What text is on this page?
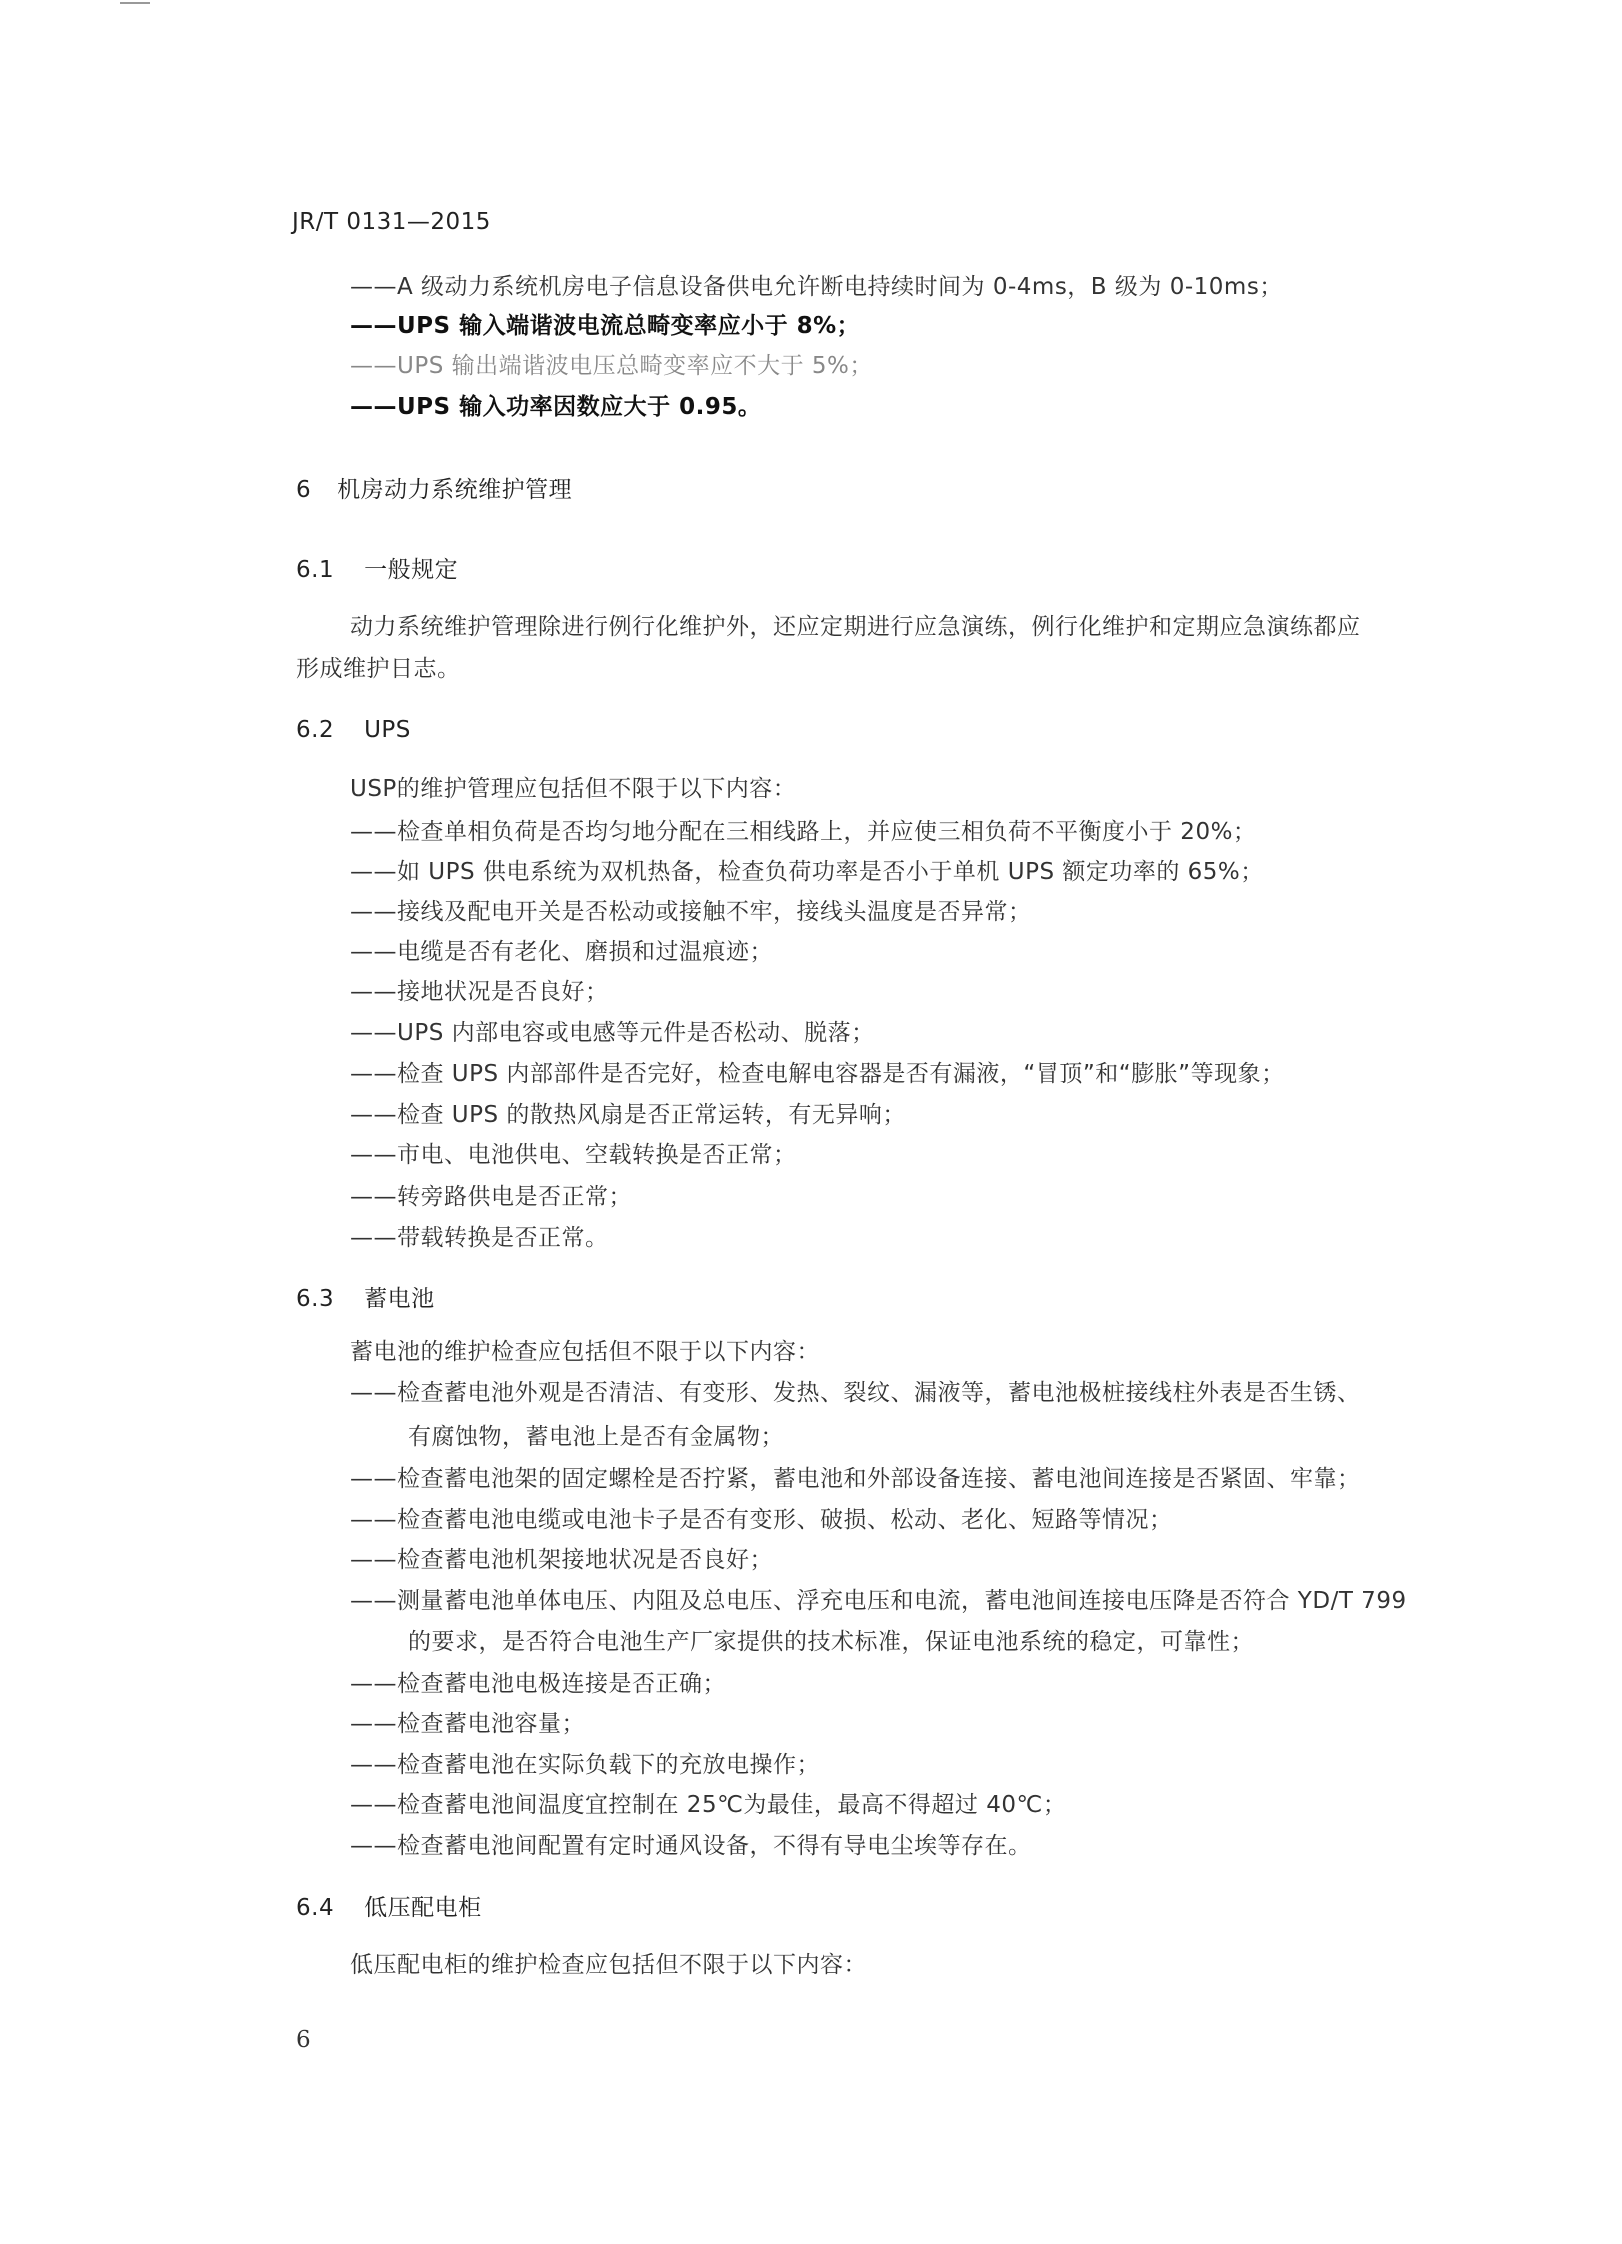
JR/T 0131—2015
——A 级动力系统机房电子信息设备供电允许断电持续时间为 0-4ms，B 级为 0-10ms；
——UPS 输入端谐波电流总畸变率应小于 8%；
——UPS 输出端谐波电压总畸变率应不大于 5%；
——UPS 输入功率因数应大于 0.95。
6 机房动力系统维护管理
6.1 一般规定
动力系统维护管理除进行例行化维护外，还应定期进行应急演练，例行化维护和定期应急演练都应
形成维护日志。
6.2 UPS
USP的维护管理应包括但不限于以下内容：
——检查单相负荷是否均匀地分配在三相线路上，并应使三相负荷不平衡度小于 20%；
——如 UPS 供电系统为双机热备，检查负荷功率是否小于单机 UPS 额定功率的 65%；
——接线及配电开关是否松动或接触不牢，接线头温度是否异常；
——电缆是否有老化、磨损和过温痕迹；
——接地状况是否良好；
——UPS 内部电容或电感等元件是否松动、脱落；
——检查 UPS 内部部件是否完好，检查电解电容器是否有漏液，“冒顶”和“膨胀”等现象；
——检查 UPS 的散热风扇是否正常运转，有无异响；
——市电、电池供电、空载转换是否正常；
——转旁路供电是否正常；
——带载转换是否正常。
6.3 蓄电池
蓄电池的维护检查应包括但不限于以下内容：
——检查蓄电池外观是否清洁、有变形、发热、裂纹、漏液等，蓄电池极桩接线柱外表是否生锈、
有腐蚀物，蓄电池上是否有金属物；
——检查蓄电池架的固定螺栓是否拧紧，蓄电池和外部设备连接、蓄电池间连接是否紧固、牢靠；
——检查蓄电池电缆或电池卡子是否有变形、破损、松动、老化、短路等情况；
——检查蓄电池机架接地状况是否良好；
——测量蓄电池单体电压、内阻及总电压、浮充电压和电流，蓄电池间连接电压降是否符合 YD/T 799
的要求，是否符合电池生产厂家提供的技术标准，保证电池系统的稳定，可靠性；
——检查蓄电池电极连接是否正确；
——检查蓄电池容量；
——检查蓄电池在实际负载下的充放电操作；
——检查蓄电池间温度宜控制在 25℃为最佳，最高不得超过 40℃；
——检查蓄电池间配置有定时通风设备，不得有导电尘埃等存在。
6.4 低压配电柜
低压配电柜的维护检查应包括但不限于以下内容：
6
